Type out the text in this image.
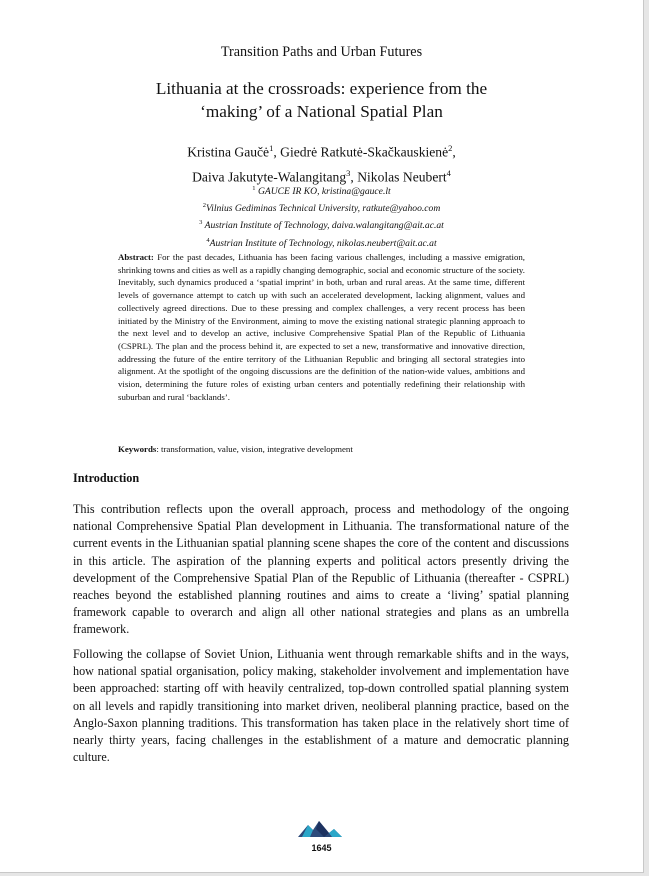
Transition Paths and Urban Futures
Lithuania at the crossroads: experience from the
‘making’ of a National Spatial Plan
Kristina Gaučė$^1$, Giedrė Ratkutė-Skačkauskienė$^2$,
Daiva Jakutyte-Walangitang$^3$, Nikolas Neubert$^4$
$^1$ GAUCE IR KO, kristina@gauce.lt
$^2$Vilnius Gediminas Technical University, ratkute@yahoo.com
$^3$ Austrian Institute of Technology, daiva.walangitang@ait.ac.at
$^4$Austrian Institute of Technology, nikolas.neubert@ait.ac.at
Abstract: For the past decades, Lithuania has been facing various challenges, including a massive emigration, shrinking towns and cities as well as a rapidly changing demographic, social and economic structure of the society. Inevitably, such dynamics produced a ‘spatial imprint’ in both, urban and rural areas. At the same time, different levels of governance attempt to catch up with such an accelerated development, lacking alignment, values and collectively agreed directions. Due to these pressing and complex challenges, a very recent process has been initiated by the Ministry of the Environment, aiming to move the existing national strategic planning approach to the next level and to develop an active, inclusive Comprehensive Spatial Plan of the Republic of Lithuania (CSPRL). The plan and the process behind it, are expected to set a new, transformative and innovative direction, addressing the future of the entire territory of the Lithuanian Republic and bringing all sectoral strategies into alignment. At the spotlight of the ongoing discussions are the definition of the nation-wide values, ambitions and vision, determining the future roles of existing urban centers and potentially redefining their relationship with suburban and rural ‘backlands’.
Keywords: transformation, value, vision, integrative development
Introduction

This contribution reflects upon the overall approach, process and methodology of the ongoing national Comprehensive Spatial Plan development in Lithuania. The transformational nature of the current events in the Lithuanian spatial planning scene shapes the core of the content and discussions in this article. The aspiration of the planning experts and political actors presently driving the development of the Comprehensive Spatial Plan of the Republic of Lithuania (thereafter - CSPRL) reaches beyond the established planning routines and aims to create a ‘living’ spatial planning framework capable to overarch and align all other national strategies and plans as an umbrella framework.

Following the collapse of Soviet Union, Lithuania went through remarkable shifts and in the ways, how national spatial organisation, policy making, stakeholder involvement and implementation have been approached: starting off with heavily centralized, top-down controlled spatial planning system on all levels and rapidly transitioning into market driven, neoliberal planning practice, based on the Anglo-Saxon planning traditions. This transformation has taken place in the relatively short time of nearly thirty years, facing challenges in the establishment of a mature and democratic planning culture.

1645
